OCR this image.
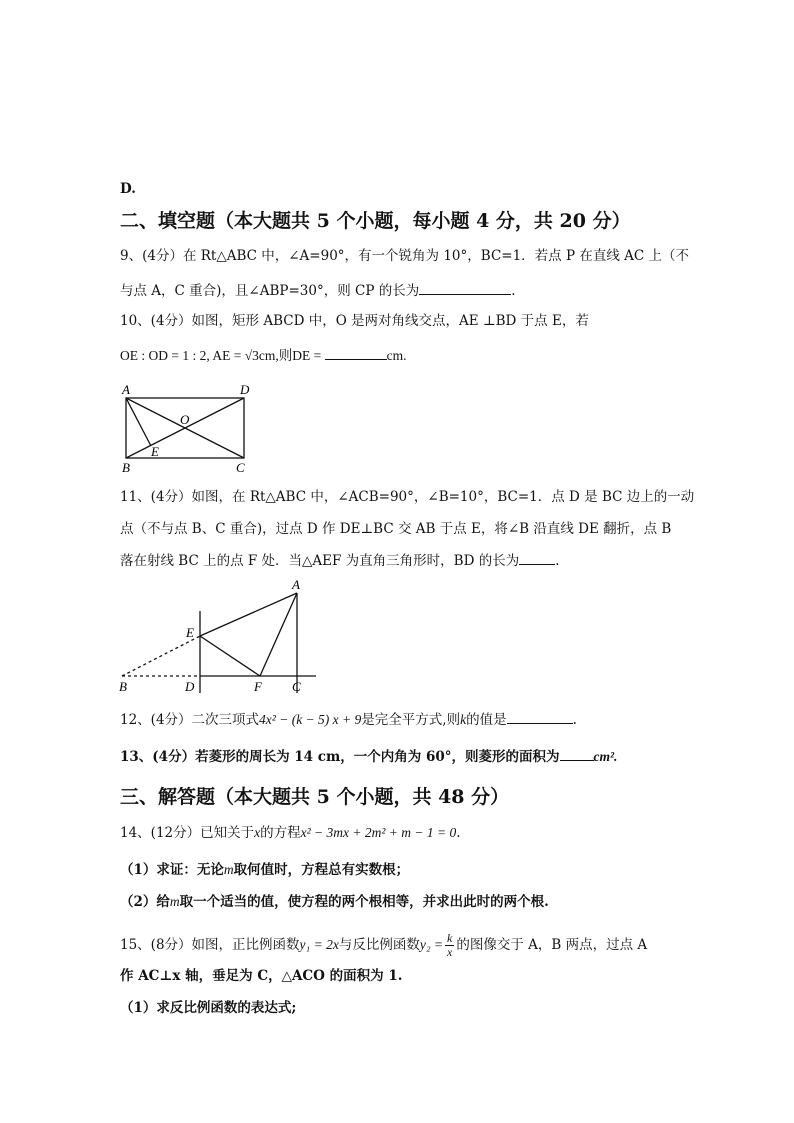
D.
二、填空题（本大题共 5 个小题，每小题 4 分，共 20 分）
9、(4分）在 Rt△ABC 中，∠A=90°，有一个锐角为 10°，BC=1．若点 P 在直线 AC 上（不
与点 A，C 重合)，且∠ABP=30°，则 CP 的长为	.
10、(4分）如图，矩形 ABCD 中，O 是两对角线交点，AE ⊥BD 于点 E，若
OE : OD = 1 : 2, AE = √3cm,则DE =	cm.
A	D
O
E
B	C
11、(4分）如图，在 Rt△ABC 中，∠ACB=90°，∠B=10°，BC=1．点 D 是 BC 边上的一动
点（不与点 B、C 重合)，过点 D 作 DE⊥BC 交 AB 于点 E，将∠B 沿直线 DE 翻折，点 B
落在射线 BC 上的点 F 处．当△AEF 为直角三角形时，BD 的长为	.
A
E
B	D	F C
12、(4分）二次三项式4x² − (k − 5) x + 9是完全平方式,则k的值是	.
13、(4分）若菱形的周长为 14 cm，一个内角为 60°，则菱形的面积为	cm².
三、解答题（本大题共 5 个小题，共 48 分）
14、(12分）已知关于x的方程x² − 3mx + 2m² + m − 1 = 0.
（1）求证：无论m取何值时，方程总有实数根；
（2）给m取一个适当的值，使方程的两个根相等，并求出此时的两个根.
15、(8分）如图，正比例函数y₁ = 2x与反比例函数$y_2 = \frac{k}{x}$ 的图像交于 A，B 两点，过点 A
作 AC⊥x 轴，垂足为 C，△ACO 的面积为 1.
（1）求反比例函数的表达式;
